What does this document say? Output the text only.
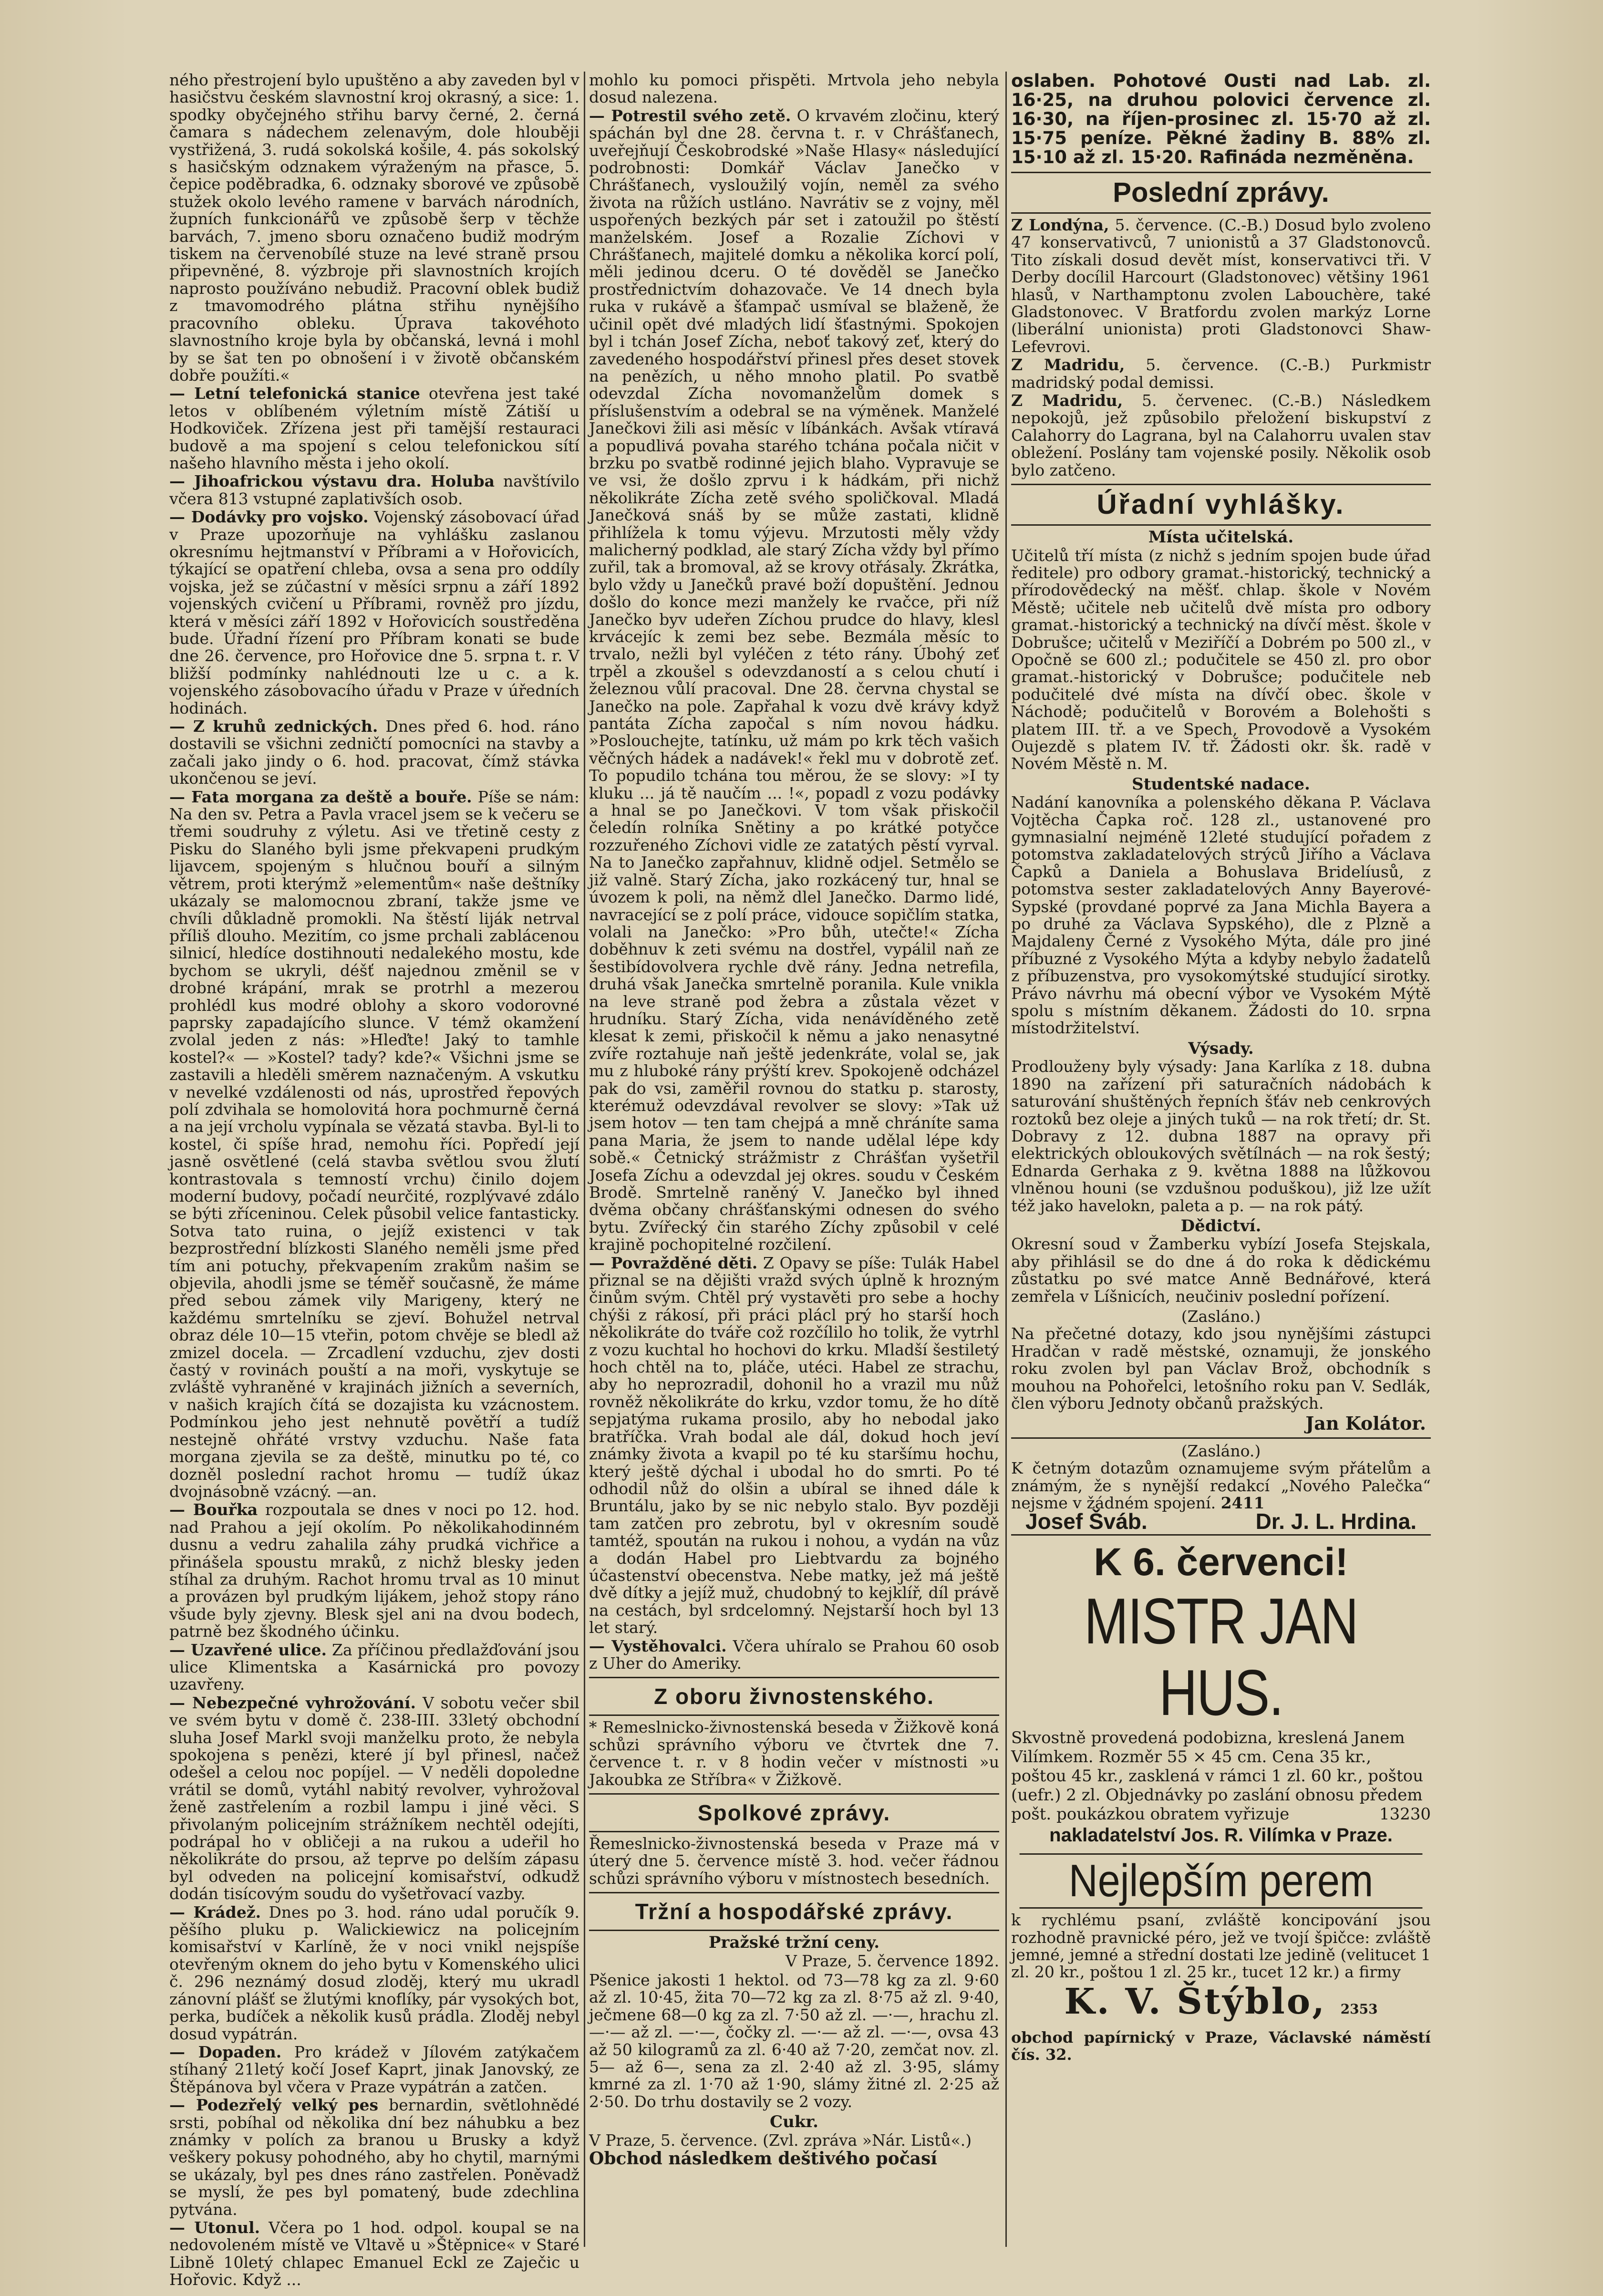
ného přestrojení bylo upuštěno a aby zaveden byl v hasičstvu českém slavnostní kroj okrasný, a sice: 1. spodky obyčejného střihu barvy černé, 2. černá čamara s nádechem zelenavým, dole hlouběji vystřižená, 3. rudá sokolská košile, 4. pás sokolský s hasičským odznakem výraženým na přasce, 5. čepice poděbradka, 6. odznaky sborové ve způsobě stužek okolo levého ramene v barvách národních, župních funkcionářů ve způsobě šerp v těchže barvách, 7. jmeno sboru označeno budiž modrým tiskem na červenobílé stuze na levé straně prsou připevněné, 8. výzbroje při slavnostních krojích naprosto používáno nebudiž. Pracovní oblek budiž z tmavomodrého plátna střihu nynějšího pracovního obleku. Úprava takovéhoto slavnostního kroje byla by občanská, levná i mohl by se šat ten po obnošení i v životě občanském dobře použíti.«

— Letní telefonická stanice otevřena jest také letos v oblíbeném výletním místě Zátiší u Hodkoviček. Zřízena jest při tamější restauraci budově a ma spojení s celou telefonickou sítí našeho hlavního města i jeho okolí.

— Jihoafrickou výstavu dra. Holuba navštívilo včera 813 vstupné zaplativších osob.

— Dodávky pro vojsko. Vojenský zásobovací úřad v Praze upozorňuje na vyhlášku zaslanou okresnímu hejtmanství v Příbrami a v Hořovicích, týkající se opatření chleba, ovsa a sena pro oddíly vojska, jež se zúčastní v měsíci srpnu a září 1892 vojenských cvičení u Příbrami, rovněž pro jízdu, která v měsíci září 1892 v Hořovicích soustředěna bude. Úřadní řízení pro Příbram konati se bude dne 26. července, pro Hořovice dne 5. srpna t. r. V bližší podmínky nahlédnouti lze u c. a k. vojenského zásobovacího úřadu v Praze v úředních hodinách.

— Z kruhů zednických. Dnes před 6. hod. ráno dostavili se všichni zedničtí pomocníci na stavby a začali jako jindy o 6. hod. pracovat, čímž stávka ukončenou se jeví.

— Fata morgana za deště a bouře. Píše se nám: Na den sv. Petra a Pavla vracel jsem se k večeru se třemi soudruhy z výletu. Asi ve třetině cesty z Pisku do Slaného byli jsme překvapeni prudkým lijavcem, spojeným s hlučnou bouří a silným větrem, proti kterýmž »elementům« naše deštníky ukázaly se malomocnou zbraní, takže jsme ve chvíli důkladně promokli. Na štěstí liják netrval příliš dlouho. Mezitím, co jsme prchali zablácenou silnicí, hledíce dostihnouti nedalekého mostu, kde bychom se ukryli, déšť najednou změnil se v drobné krápání, mrak se protrhl a mezerou prohlédl kus modré oblohy a skoro vodorovné paprsky zapadajícího slunce. V témž okamžení zvolal jeden z nás: »Hleďte! Jaký to tamhle kostel?« — »Kostel? tady? kde?« Všichni jsme se zastavili a hleděli směrem naznačeným. A vskutku v nevelké vzdálenosti od nás, uprostřed řepových polí zdvihala se homolovitá hora pochmurně černá a na její vrcholu vypínala se vězatá stavba. Byl-li to kostel, či spíše hrad, nemohu říci. Popředí její jasně osvětlené (celá stavba světlou svou žlutí kontrastovala s temností vrchu) činilo dojem moderní budovy, počadí neurčité, rozplývavé zdálo se býti zříceninou. Celek působil velice fantasticky. Sotva tato ruina, o jejíž existenci v tak bezprostřední blízkosti Slaného neměli jsme před tím ani potuchy, překvapením zrakům našim se objevila, ahodli jsme se téměř současně, že máme před sebou zámek vily Marigeny, který ne každému smrtelníku se zjeví. Bohužel netrval obraz déle 10—15 vteřin, potom chvěje se bledl až zmizel docela. — Zrcadlení vzduchu, zjev dosti častý v rovinách pouští a na moři, vyskytuje se zvláště vyhraněné v krajinách jižních a severních, v našich krajích čítá se dozajista ku vzácnostem. Podmínkou jeho jest nehnutě povětří a tudíž nestejně ohřáté vrstvy vzduchu. Naše fata morgana zjevila se za deště, minutku po té, co dozněl poslední rachot hromu — tudíž úkaz dvojnásobně vzácný. —an.

— Bouřka rozpoutala se dnes v noci po 12. hod. nad Prahou a její okolím. Po několikahodinném dusnu a vedru zahalila záhy prudká vichřice a přinášela spoustu mraků, z nichž blesky jeden stíhal za druhým. Rachot hromu trval as 10 minut a provázen byl prudkým lijákem, jehož stopy ráno všude byly zjevny. Blesk sjel ani na dvou bodech, patrně bez škodného účinku.

— Uzavřené ulice. Za příčinou předlažďování jsou ulice Klimentska a Kasárnická pro povozy uzavřeny.

— Nebezpečné vyhrožování. V sobotu večer sbil ve svém bytu v domě č. 238-III. 33letý obchodní sluha Josef Markl svoji manželku proto, že nebyla spokojena s penězi, které jí byl přinesl, načež odešel a celou noc popíjel. — V neděli dopoledne vrátil se domů, vytáhl nabitý revolver, vyhrožoval ženě zastřelením a rozbil lampu i jiné věci. S přivolaným policejním strážníkem nechtěl odejíti, podrápal ho v obličeji a na rukou a udeřil ho několikráte do prsou, až teprve po delším zápasu byl odveden na policejní komisařství, odkudž dodán tisícovým soudu do vyšetřovací vazby.

— Krádež. Dnes po 3. hod. ráno udal poručík 9. pěšího pluku p. Walickiewicz na policejním komisařství v Karlíně, že v noci vnikl nejspíše otevřeným oknem do jeho bytu v Komenského ulici č. 296 neznámý dosud zloděj, který mu ukradl zánovní plášť se žlutými knoflíky, pár vysokých bot, perka, budíček a několik kusů prádla. Zloděj nebyl dosud vypátrán.

— Dopaden. Pro krádež v Jílovém zatýkačem stíhaný 21letý kočí Josef Kaprt, jinak Janovský, ze Štěpánova byl včera v Praze vypátrán a zatčen.

— Podezřelý velký pes bernardin, světlohnědé srsti, pobíhal od několika dní bez náhubku a bez známky v polích za branou u Brusky a když veškery pokusy pohodného, aby ho chytil, marnými se ukázaly, byl pes dnes ráno zastřelen. Poněvadž se myslí, že pes byl pomatený, bude zdechlina pytvána.

— Utonul. Včera po 1 hod. odpol. koupal se na nedovoleném místě ve Vltavě u »Štěpnice« v Staré Libně 10letý chlapec Emanuel Eckl ze Zaječic u Hořovic. Když ...

mohlo ku pomoci přispěti. Mrtvola jeho nebyla dosud nalezena.

— Potrestil svého zetě. O krvavém zločinu, který spáchán byl dne 28. června t. r. v Chrášťanech, uveřejňují Českobrodské »Naše Hlasy« následující podrobnosti: Domkář Václav Janečko v Chrášťanech, vysloužilý vojín, neměl za svého života na růžích ustláno. Navrátiv se z vojny, měl uspořených bezkých pár set i zatoužil po štěstí manželském. Josef a Rozalie Zíchovi v Chrášťanech, majitelé domku a několika korcí polí, měli jedinou dceru. O té dověděl se Janečko prostřednictvím dohazovače. Ve 14 dnech byla ruka v rukávě a šťampač usmíval se blaženě, že učinil opět dvé mladých lidí šťastnými. Spokojen byl i tchán Josef Zícha, neboť takový zeť, který do zavedeného hospodářství přinesl přes deset stovek na penězích, u něho mnoho platil. Po svatbě odevzdal Zícha novomanželům domek s příslušenstvím a odebral se na výměnek. Manželé Janečkovi žili asi měsíc v líbánkách. Avšak vtíravá a popudlivá povaha starého tchána počala ničit v brzku po svatbě rodinné jejich blaho. Vypravuje se ve vsi, že došlo zprvu i k hádkám, při nichž několikráte Zícha zetě svého spoličkoval. Mladá Janečková snáš by se může zastati, klidně přihlížela k tomu výjevu. Mrzutosti měly vždy malicherný podklad, ale starý Zícha vždy byl přímo zuřil, tak a bromoval, až se krovy otřásaly. Zkrátka, bylo vždy u Janečků pravé boží dopuštění. Jednou došlo do konce mezi manžely ke rvačce, při níž Janečko byv udeřen Zíchou prudce do hlavy, klesl krvácejíc k zemi bez sebe. Bezmála měsíc to trvalo, nežli byl vyléčen z této rány. Úbohý zeť trpěl a zkoušel s odevzdaností a s celou chutí i železnou vůlí pracoval. Dne 28. června chystal se Janečko na pole. Zapřahal k vozu dvě krávy když pantáta Zícha započal s ním novou hádku. »Poslouchejte, tatínku, už mám po krk těch vašich věčných hádek a nadávek!« řekl mu v dobrotě zeť. To popudilo tchána tou měrou, že se slovy: »I ty kluku ... já tě naučím ... !«, popadl z vozu podávky a hnal se po Janečkovi. V tom však přiskočil čeledín rolníka Snětiny a po krátké potyčce rozzuřeného Zíchovi vidle ze zatatých pěstí vyrval. Na to Janečko zapřahnuv, klidně odjel. Setmělo se již valně. Starý Zícha, jako rozkácený tur, hnal se úvozem k poli, na němž dlel Janečko. Darmo lidé, navracející se z polí práce, vidouce sopičlím statka, volali na Janečko: »Pro bůh, utečte!« Zícha doběhnuv k zeti svému na dostřel, vypálil naň ze šestibídovolvera rychle dvě rány. Jedna netrefila, druhá však Janečka smrtelně poranila. Kule vnikla na leve straně pod žebra a zůstala vězet v hrudníku. Starý Zícha, vida nenávíděného zetě klesat k zemi, přiskočil k němu a jako nenasytné zvíře roztahuje naň ještě jedenkráte, volal se, jak mu z hluboké rány prýští krev. Spokojeně odcházel pak do vsi, zaměřil rovnou do statku p. starosty, kterémuž odevzdával revolver se slovy: »Tak už jsem hotov — ten tam chejpá a mně chráníte sama pana Maria, že jsem to nande udělal lépe kdy sobě.« Četnický strážmistr z Chrášťan vyšetřil Josefa Zíchu a odevzdal jej okres. soudu v Českém Brodě. Smrtelně raněný V. Janečko byl ihned dvěma občany chrášťanskými odnesen do svého bytu. Zvířecký čin starého Zíchy způsobil v celé krajině pochopitelné rozčilení.

— Povražděné děti. Z Opavy se píše: Tulák Habel přiznal se na dějišti vražd svých úplně k hrozným činům svým. Chtěl prý vystavěti pro sebe a hochy chýši z rákosí, při práci plácl prý ho starší hoch několikráte do tváře což rozčílilo ho tolik, že vytrhl z vozu kuchtal ho hochovi do krku. Mladší šestiletý hoch chtěl na to, pláče, utéci. Habel ze strachu, aby ho neprozradil, dohonil ho a vrazil mu nůž rovněž několikráte do krku, vzdor tomu, že ho dítě sepjatýma rukama prosilo, aby ho nebodal jako bratříčka. Vrah bodal ale dál, dokud hoch jeví známky života a kvapil po té ku staršímu hochu, který ještě dýchal i ubodal ho do smrti. Po té odhodil nůž do olšin a ubíral se ihned dále k Bruntálu, jako by se nic nebylo stalo. Byv později tam zatčen pro zebrotu, byl v okresním soudě tamtéž, spoután na rukou i nohou, a vydán na vůz a dodán Habel pro Liebtvardu za bojného účastenství obecenstva. Nebe matky, jež má ještě dvě dítky a jejíž muž, chudobný to kejklíř, díl právě na cestách, byl srdcelomný. Nejstarší hoch byl 13 let starý.

— Vystěhovalci. Včera uhíralo se Prahou 60 osob z Uher do Ameriky.

Z oboru živnostenského.

* Remeslnicko-živnostenská beseda v Žižkově koná schůzi správního výboru ve čtvrtek dne 7. července t. r. v 8 hodin večer v místnosti »u Jakoubka ze Stříbra« v Žižkově.

Spolkové zprávy.

Řemeslnicko-živnostenská beseda v Praze má v úterý dne 5. července místě 3. hod. večer řádnou schůzi správního výboru v místnostech besedních.

Tržní a hospodářské zprávy.
Pražské tržní ceny.
V Praze, 5. července 1892.

Pšenice jakosti 1 hektol. od 73—78 kg za zl. 9·60 až zl. 10·45, žita 70—72 kg za zl. 8·75 až zl. 9·40, ječmene 68—0 kg za zl. 7·50 až zl. —·—, hrachu zl. —·— až zl. —·—, čočky zl. —·— až zl. —·—, ovsa 43 až 50 kilogramů za zl. 6·40 až 7·20, zemčat nov. zl. 5— až 6—, sena za zl. 2·40 až zl. 3·95, slámy kmrné za zl. 1·70 až 1·90, slámy žitné zl. 2·25 až 2·50. Do trhu dostavily se 2 vozy.

Cukr.

V Praze, 5. července. (Zvl. zpráva »Nár. Listů«.)

Obchod následkem deštivého počasí

oslaben. Pohotové Ousti nad Lab. zl. 16·25, na druhou polovici července zl. 16·30, na říjen-prosinec zl. 15·70 až zl. 15·75 peníze. Pěkné žadiny B. 88% zl. 15·10 až zl. 15·20. Rafináda nezměněna.

Poslední zprávy.

Z Londýna, 5. července. (C.-B.) Dosud bylo zvoleno 47 konservativců, 7 unionistů a 37 Gladstonovců. Tito získali dosud devět míst, konservativci tři. V Derby docílil Harcourt (Gladstonovec) většiny 1961 hlasů, v Narthamptonu zvolen Labouchère, také Gladstonovec. V Bratfordu zvolen markýz Lorne (liberální unionista) proti Gladstonovci Shaw-Lefevrovi.

Z Madridu, 5. července. (C.-B.) Purkmistr madridský podal demissi.

Z Madridu, 5. červenec. (C.-B.) Následkem nepokojů, jež způsobilo přeložení biskupství z Calahorry do Lagrana, byl na Calahorru uvalen stav obležení. Poslány tam vojenské posily. Několik osob bylo zatčeno.

Úřadní vyhlášky.
Místa učitelská.

Učitelů tří místa (z nichž s jedním spojen bude úřad ředitele) pro odbory gramat.-historický, technický a přírodovědecký na měšť. chlap. škole v Novém Městě; učitele neb učitelů dvě místa pro odbory gramat.-historický a technický na dívčí měst. škole v Dobrušce; učitelů v Meziříčí a Dobrém po 500 zl., v Opočně se 600 zl.; podučitele se 450 zl. pro obor gramat.-historický v Dobrušce; podučitele neb podučitelé dvé místa na dívčí obec. škole v Náchodě; podučitelů v Borovém a Bolehošti s platem III. tř. a ve Spech, Provodově a Vysokém Oujezdě s platem IV. tř. Žádosti okr. šk. radě v Novém Městě n. M.

Studentské nadace.

Nadání kanovníka a polenského děkana P. Václava Vojtěcha Čapka roč. 128 zl., ustanovené pro gymnasialní nejméně 12leté studující pořadem z potomstva zakladatelových strýců Jiřího a Václava Čapků a Daniela a Bohuslava Bridelíusů, z potomstva sester zakladatelových Anny Bayerové-Sypské (provdané poprvé za Jana Michla Bayera a po druhé za Václava Sypského), dle z Plzně a Majdaleny Černé z Vysokého Mýta, dále pro jiné příbuzné z Vysokého Mýta a kdyby nebylo žadatelů z příbuzenstva, pro vysokomýtské studující sirotky. Právo návrhu má obecní výbor ve Vysokém Mýtě spolu s místním děkanem. Žádosti do 10. srpna místodržitelství.

Výsady.

Prodlouženy byly výsady: Jana Karlíka z 18. dubna 1890 na zařízení při saturačních nádobách k saturování shuštěných řepních šťáv neb cenkrových roztoků bez oleje a jiných tuků — na rok třetí; dr. St. Dobravy z 12. dubna 1887 na opravy při elektrických obloukových světílnách — na rok šestý; Ednarda Gerhaka z 9. května 1888 na lůžkovou vlněnou houni (se vzdušnou poduškou), již lze užít též jako havelokn, paleta a p. — na rok pátý.

Dědictví.

Okresní soud v Žamberku vybízí Josefa Stejskala, aby přihlásil se do dne á do roka k dědickému zůstatku po své matce Anně Bednářové, která zemřela v Líšnicích, neučiniv poslední pořízení.

(Zasláno.)

Na přečetné dotazy, kdo jsou nynějšími zástupci Hradčan v radě městské, oznamuji, že jonského roku zvolen byl pan Václav Brož, obchodník s mouhou na Pohořelci, letošního roku pan V. Sedlák, člen výboru Jednoty občanů pražských.

Jan Kolátor.
(Zasláno.)

K četným dotazům oznamujeme svým přátelům a známým, že s nynější redakcí „Nového Palečka“ nejsme v žádném spojení. 2411

Josef Šváb.	Dr. J. L. Hrdina.
K 6. červenci!
MISTR JAN HUS.

Skvostně provedená podobizna, kreslená Janem Vilímkem. Rozměr 55 × 45 cm. Cena 35 kr., poštou 45 kr., zasklená v rámci 1 zl. 60 kr., poštou (uefr.) 2 zl. Objednávky po zaslání obnosu předem pošt. poukázkou obratem vyřizuje	13230

nakladatelství Jos. R. Vilímka v Praze.
Nejlepším perem

k rychlému psaní, zvláště koncipování jsou rozhodně pravnické péro, jež ve tvojí špičce: zvláště jemné, jemné a střední dostati lze jedině (velitucet 1 zl. 20 kr., poštou 1 zl. 25 kr., tucet 12 kr.) a firmy

K. V. Štýblo, 2353

obchod papírnický v Praze, Václavské náměstí čís. 32.
